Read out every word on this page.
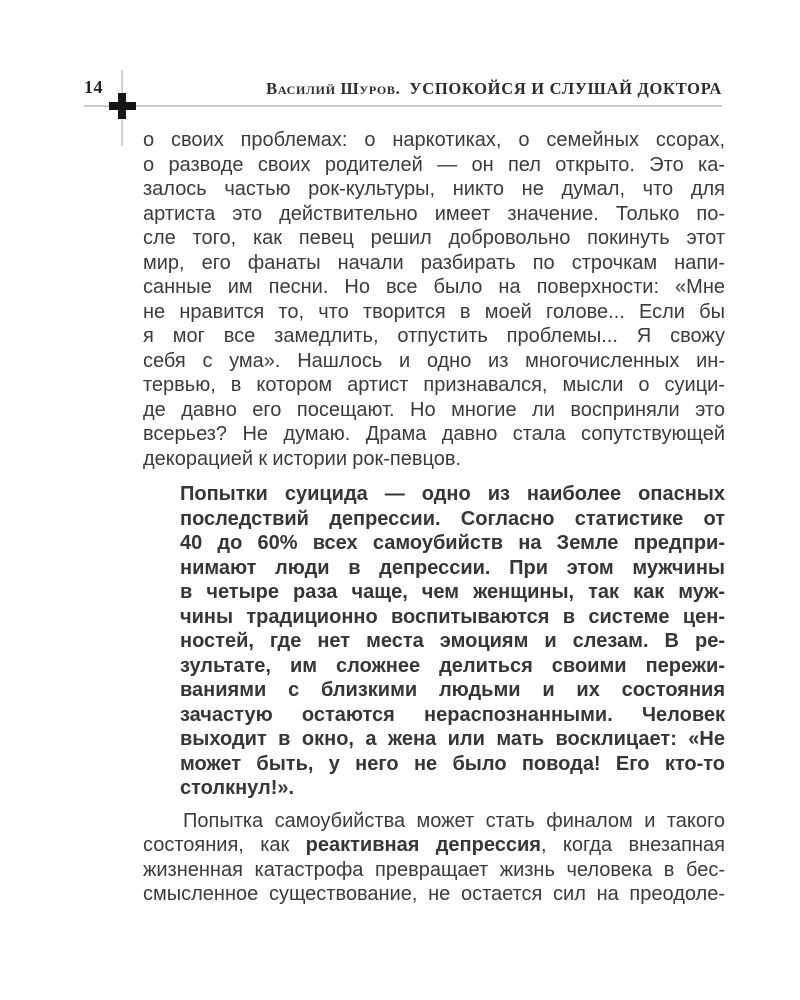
14	Василий Шуров. УСПОКОЙСЯ И СЛУШАЙ ДОКТОРА
о своих проблемах: о наркотиках, о семейных ссорах,
о разводе своих родителей — он пел открыто. Это ка-
залось частью рок-культуры, никто не думал, что для
артиста это действительно имеет значение. Только по-
сле того, как певец решил добровольно покинуть этот
мир, его фанаты начали разбирать по строчкам напи-
санные им песни. Но все было на поверхности: «Мне
не нравится то, что творится в моей голове... Если бы
я мог все замедлить, отпустить проблемы... Я свожу
себя с ума». Нашлось и одно из многочисленных ин-
тервью, в котором артист признавался, мысли о суици-
де давно его посещают. Но многие ли восприняли это
всерьез? Не думаю. Драма давно стала сопутствующей
декорацией к истории рок-певцов.
Попытки суицида — одно из наиболее опасных
последствий депрессии. Согласно статистике от
40 до 60% всех самоубийств на Земле предпри-
нимают люди в депрессии. При этом мужчины
в четыре раза чаще, чем женщины, так как муж-
чины традиционно воспитываются в системе цен-
ностей, где нет места эмоциям и слезам. В ре-
зультате, им сложнее делиться своими пережи-
ваниями с близкими людьми и их состояния
зачастую остаются нераспознанными. Человек
выходит в окно, а жена или мать восклицает: «Не
может быть, у него не было повода! Его кто-то
столкнул!».
Попытка самоубийства может стать финалом и такого
состояния, как реактивная депрессия, когда внезапная
жизненная катастрофа превращает жизнь человека в бес-
смысленное существование, не остается сил на преодоле-
